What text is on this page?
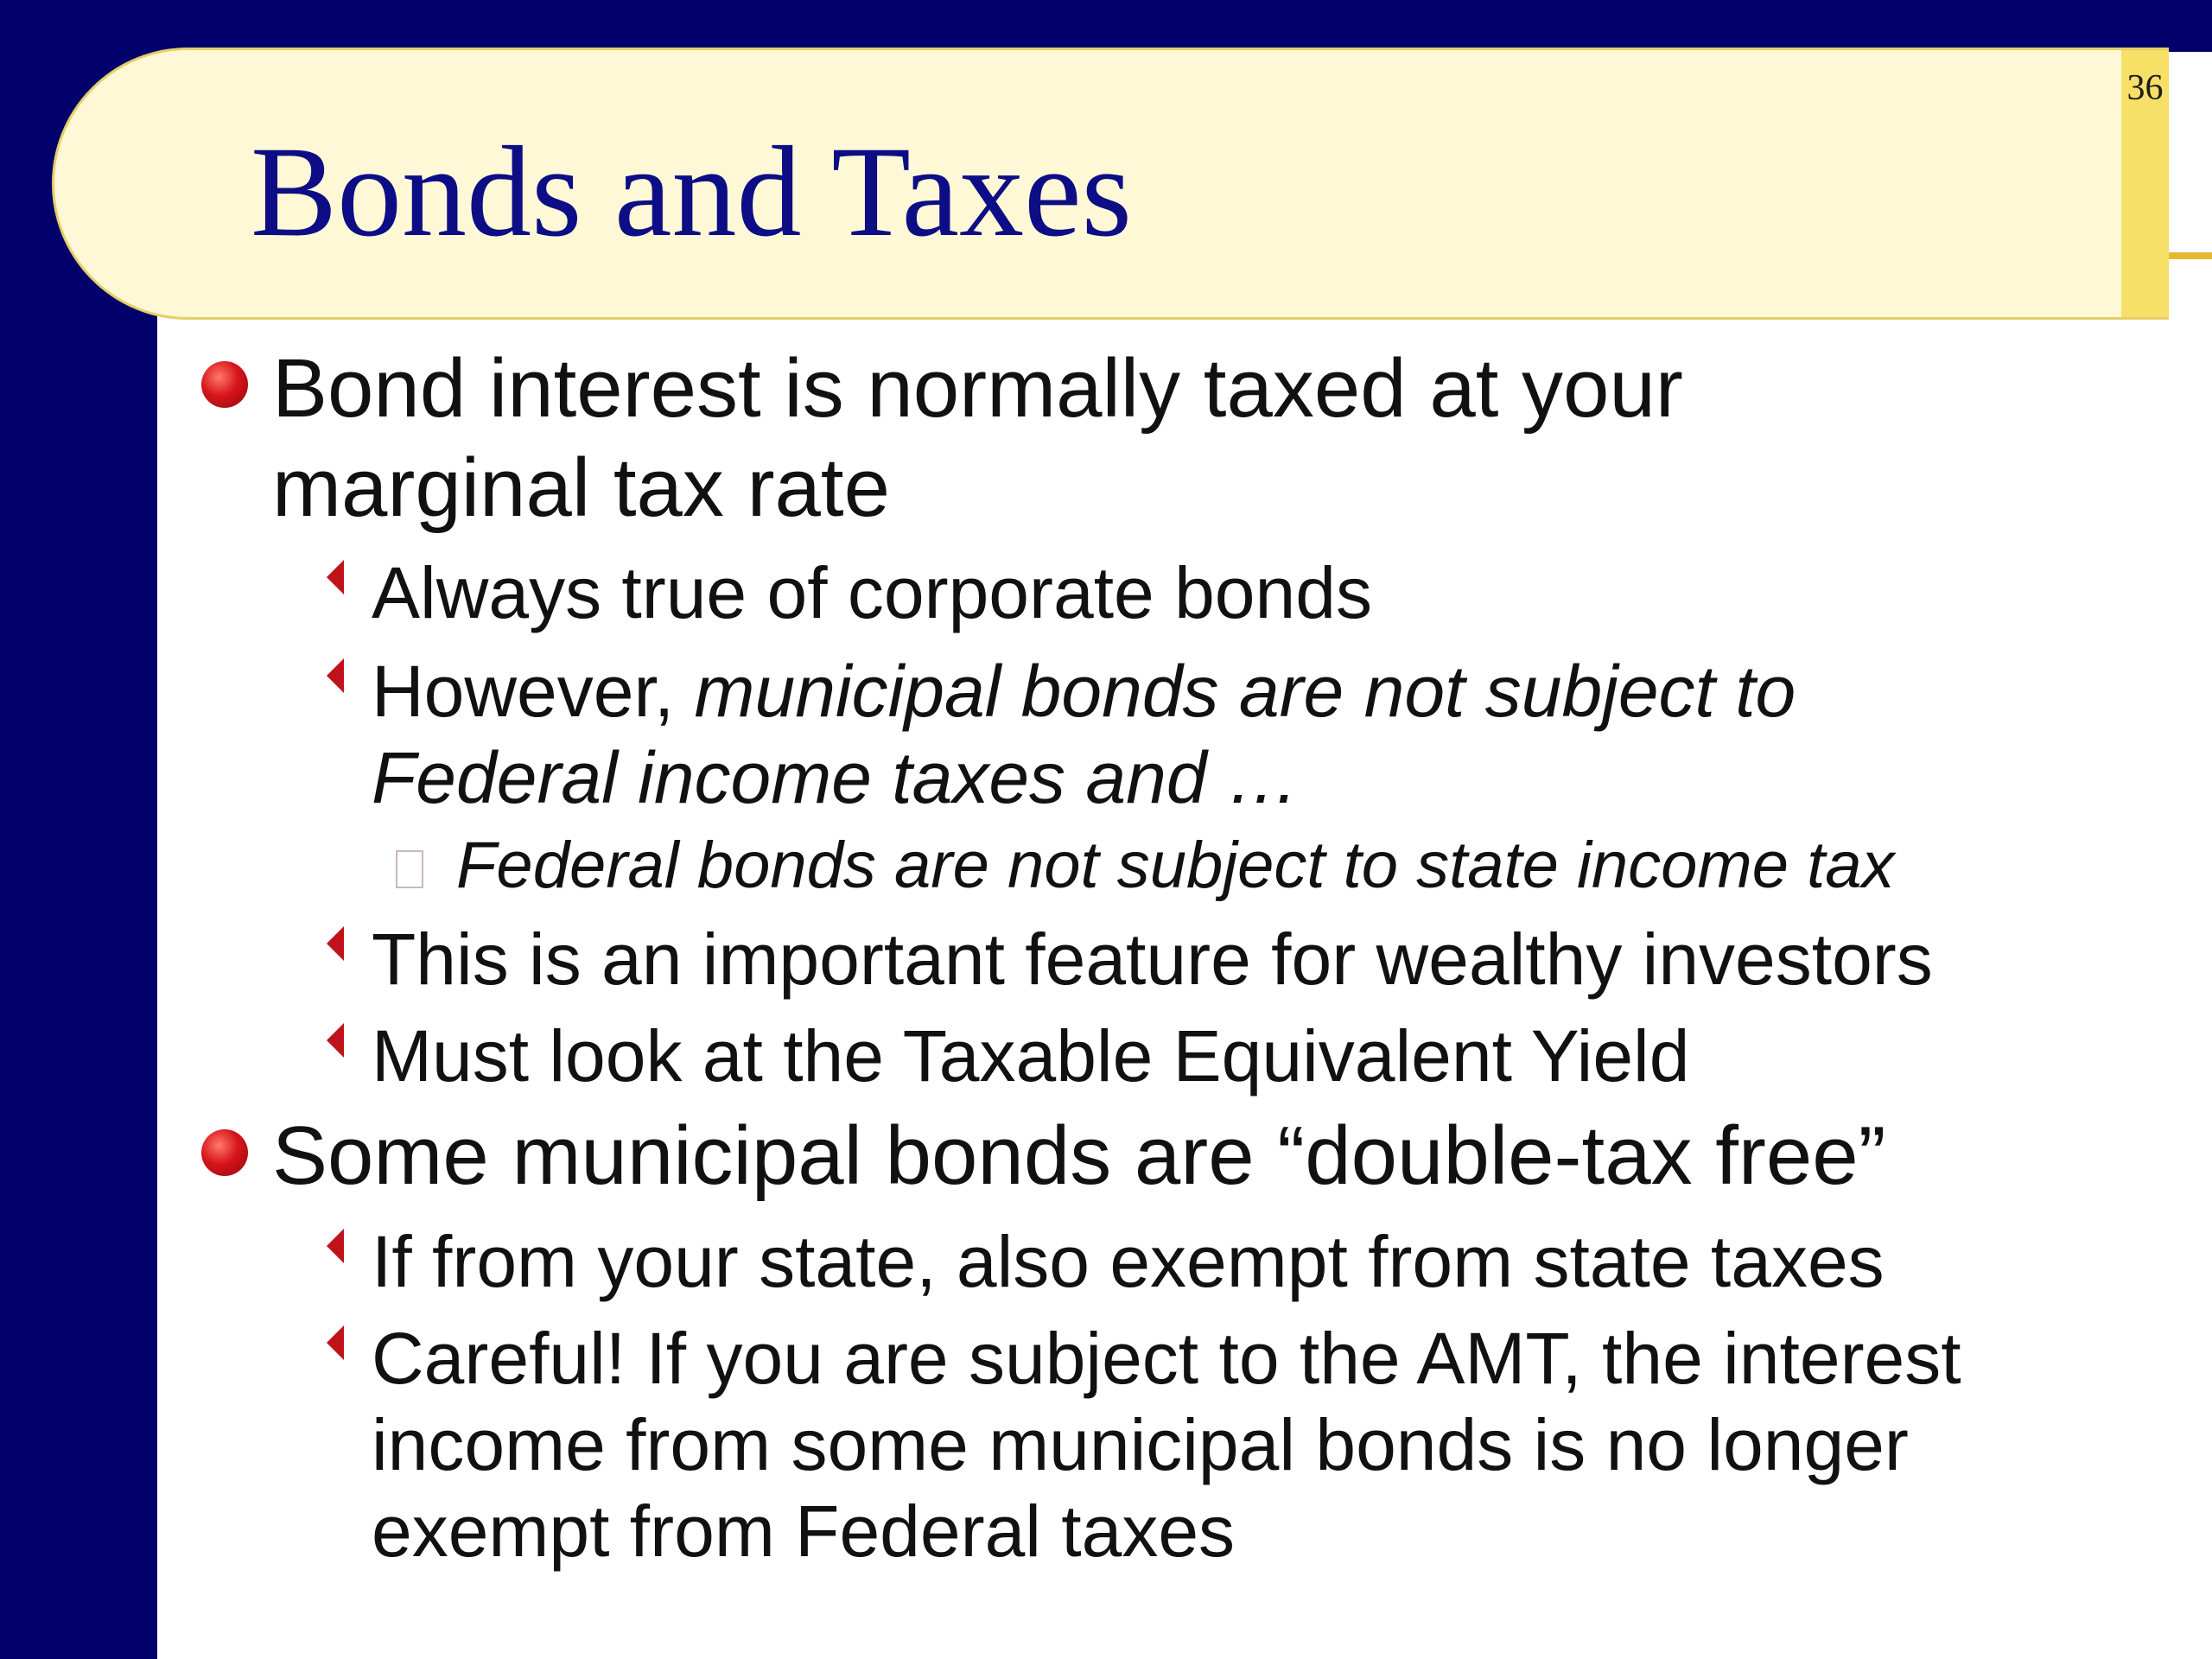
36
Bonds and Taxes
Bond interest is normally taxed at your
marginal tax rate
Always true of corporate bonds
However, municipal bonds are not subject to
Federal income taxes and …
Federal bonds are not subject to state income tax
This is an important feature for wealthy investors
Must look at the Taxable Equivalent Yield
Some municipal bonds are “double-tax free”
If from your state, also exempt from state taxes
Careful! If you are subject to the AMT, the interest
income from some municipal bonds is no longer
exempt from Federal taxes
